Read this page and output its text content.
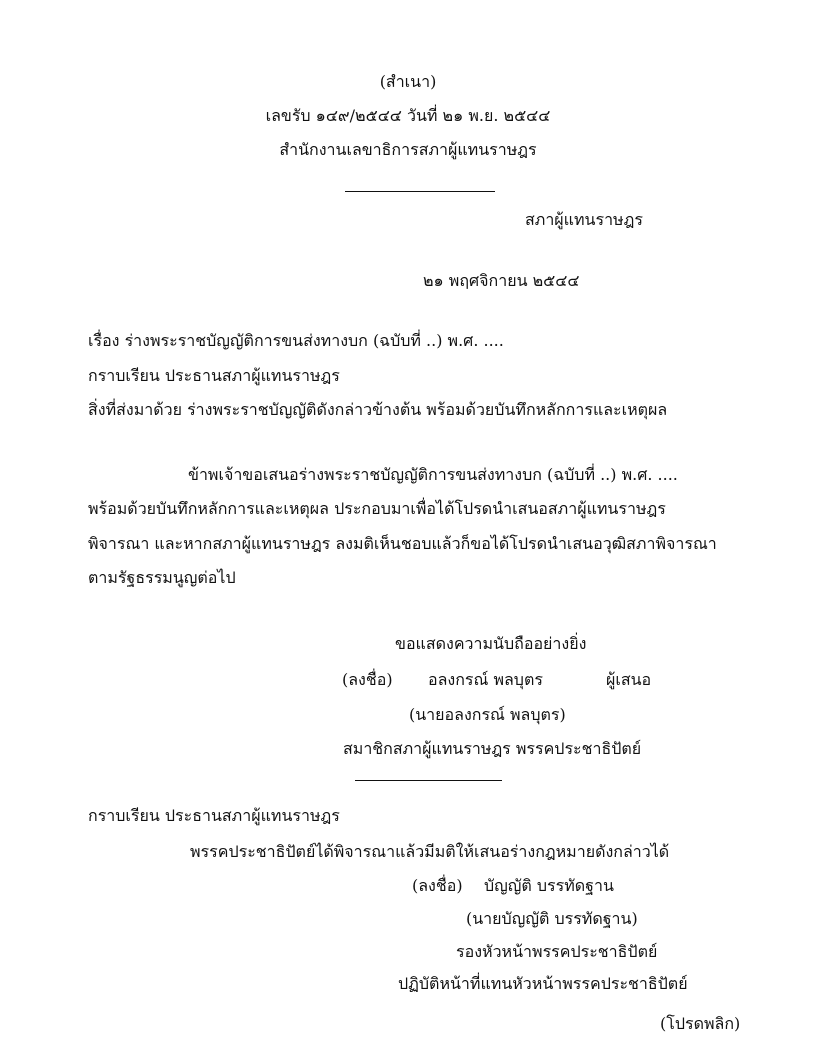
(สำเนา)
เลขรับ ๑๔๙/๒๕๔๔ วันที่ ๒๑ พ.ย. ๒๕๔๔
สำนักงานเลขาธิการสภาผู้แทนราษฎร
สภาผู้แทนราษฎร
๒๑ พฤศจิกายน ๒๕๔๔
เรื่อง ร่างพระราชบัญญัติการขนส่งทางบก (ฉบับที่ ..) พ.ศ. ....
กราบเรียน ประธานสภาผู้แทนราษฎร
สิ่งที่ส่งมาด้วย ร่างพระราชบัญญัติดังกล่าวข้างต้น พร้อมด้วยบันทึกหลักการและเหตุผล
ข้าพเจ้าขอเสนอร่างพระราชบัญญัติการขนส่งทางบก (ฉบับที่ ..) พ.ศ. ....
พร้อมด้วยบันทึกหลักการและเหตุผล ประกอบมาเพื่อได้โปรดนำเสนอสภาผู้แทนราษฎร
พิจารณา และหากสภาผู้แทนราษฎร ลงมติเห็นชอบแล้วก็ขอได้โปรดนำเสนอวุฒิสภาพิจารณา
ตามรัฐธรรมนูญต่อไป
ขอแสดงความนับถืออย่างยิ่ง
(ลงชื่อ) อลงกรณ์ พลบุตร	ผู้เสนอ
(นายอลงกรณ์ พลบุตร)
สมาชิกสภาผู้แทนราษฎร พรรคประชาธิปัตย์
กราบเรียน ประธานสภาผู้แทนราษฎร
พรรคประชาธิปัตย์ได้พิจารณาแล้วมีมติให้เสนอร่างกฎหมายดังกล่าวได้
(ลงชื่อ) บัญญัติ บรรทัดฐาน
(นายบัญญัติ บรรทัดฐาน)
รองหัวหน้าพรรคประชาธิปัตย์
ปฏิบัติหน้าที่แทนหัวหน้าพรรคประชาธิปัตย์
(โปรดพลิก)
